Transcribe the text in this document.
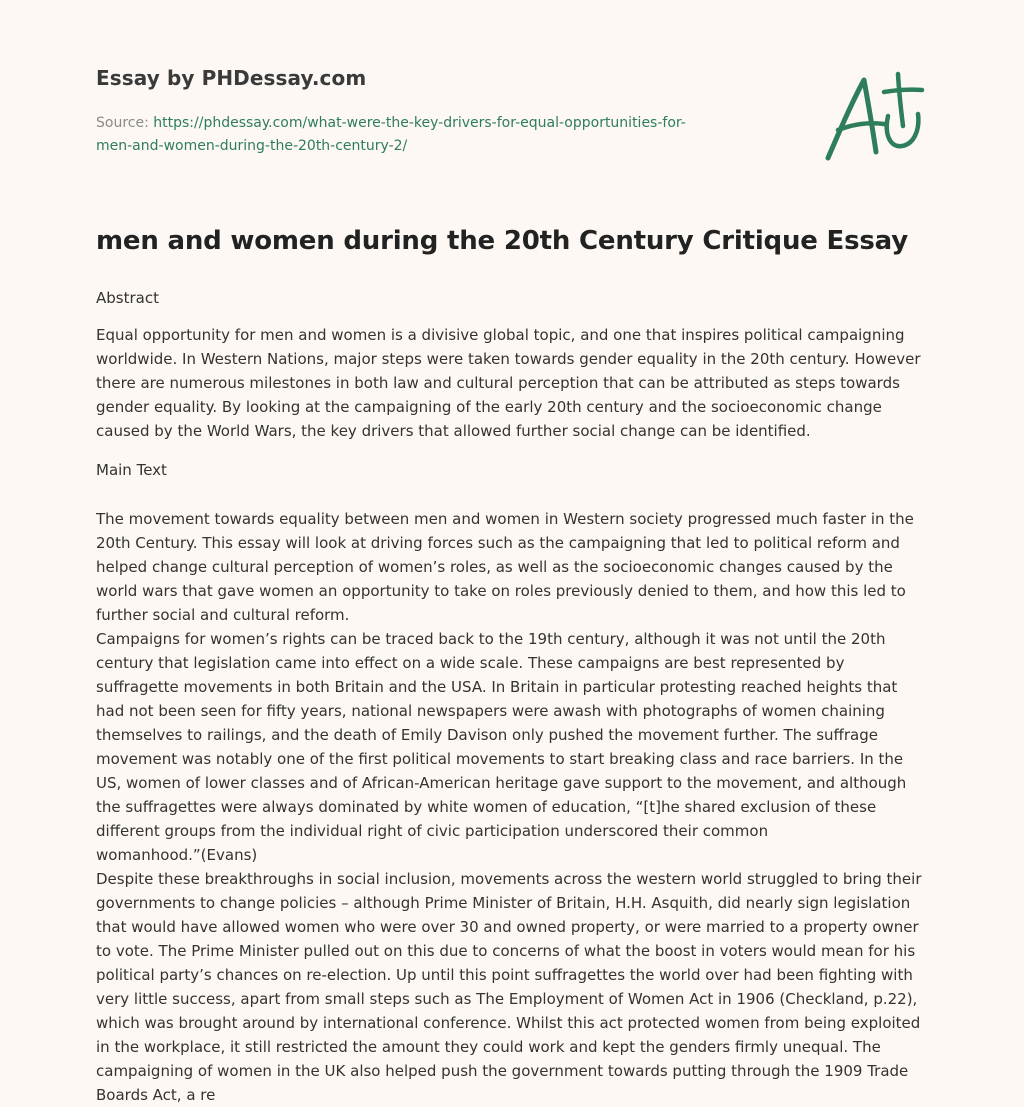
Essay by PHDessay.com
Source: https://phdessay.com/what-were-the-key-drivers-for-equal-opportunities-for-
men-and-women-during-the-20th-century-2/
men and women during the 20th Century Critique Essay

Abstract

Equal opportunity for men and women is a divisive global topic, and one that inspires political campaigning worldwide. In Western Nations, major steps were taken towards gender equality in the 20th century. However there are numerous milestones in both law and cultural perception that can be attributed as steps towards gender equality. By looking at the campaigning of the early 20th century and the socioeconomic change caused by the World Wars, the key drivers that allowed further social change can be identified.

Main Text

The movement towards equality between men and women in Western society progressed much faster in the 20th Century. This essay will look at driving forces such as the campaigning that led to political reform and helped change cultural perception of women’s roles, as well as the socioeconomic changes caused by the world wars that gave women an opportunity to take on roles previously denied to them, and how this led to further social and cultural reform.

Campaigns for women’s rights can be traced back to the 19th century, although it was not until the 20th century that legislation came into effect on a wide scale. These campaigns are best represented by suffragette movements in both Britain and the USA. In Britain in particular protesting reached heights that had not been seen for fifty years, national newspapers were awash with photographs of women chaining themselves to railings, and the death of Emily Davison only pushed the movement further. The suffrage movement was notably one of the first political movements to start breaking class and race barriers. In the US, women of lower classes and of African-American heritage gave support to the movement, and although the suffragettes were always dominated by white women of education, “[t]he shared exclusion of these different groups from the individual right of civic participation underscored their common womanhood.”(Evans)

Despite these breakthroughs in social inclusion, movements across the western world struggled to bring their governments to change policies – although Prime Minister of Britain, H.H. Asquith, did nearly sign legislation that would have allowed women who were over 30 and owned property, or were married to a property owner to vote. The Prime Minister pulled out on this due to concerns of what the boost in voters would mean for his political party’s chances on re-election. Up until this point suffragettes the world over had been fighting with very little success, apart from small steps such as The Employment of Women Act in 1906 (Checkland, p.22), which was brought around by international conference. Whilst this act protected women from being exploited in the workplace, it still restricted the amount they could work and kept the genders firmly unequal. The campaigning of women in the UK also helped push the government towards putting through the 1909 Trade Boards Act, a re
